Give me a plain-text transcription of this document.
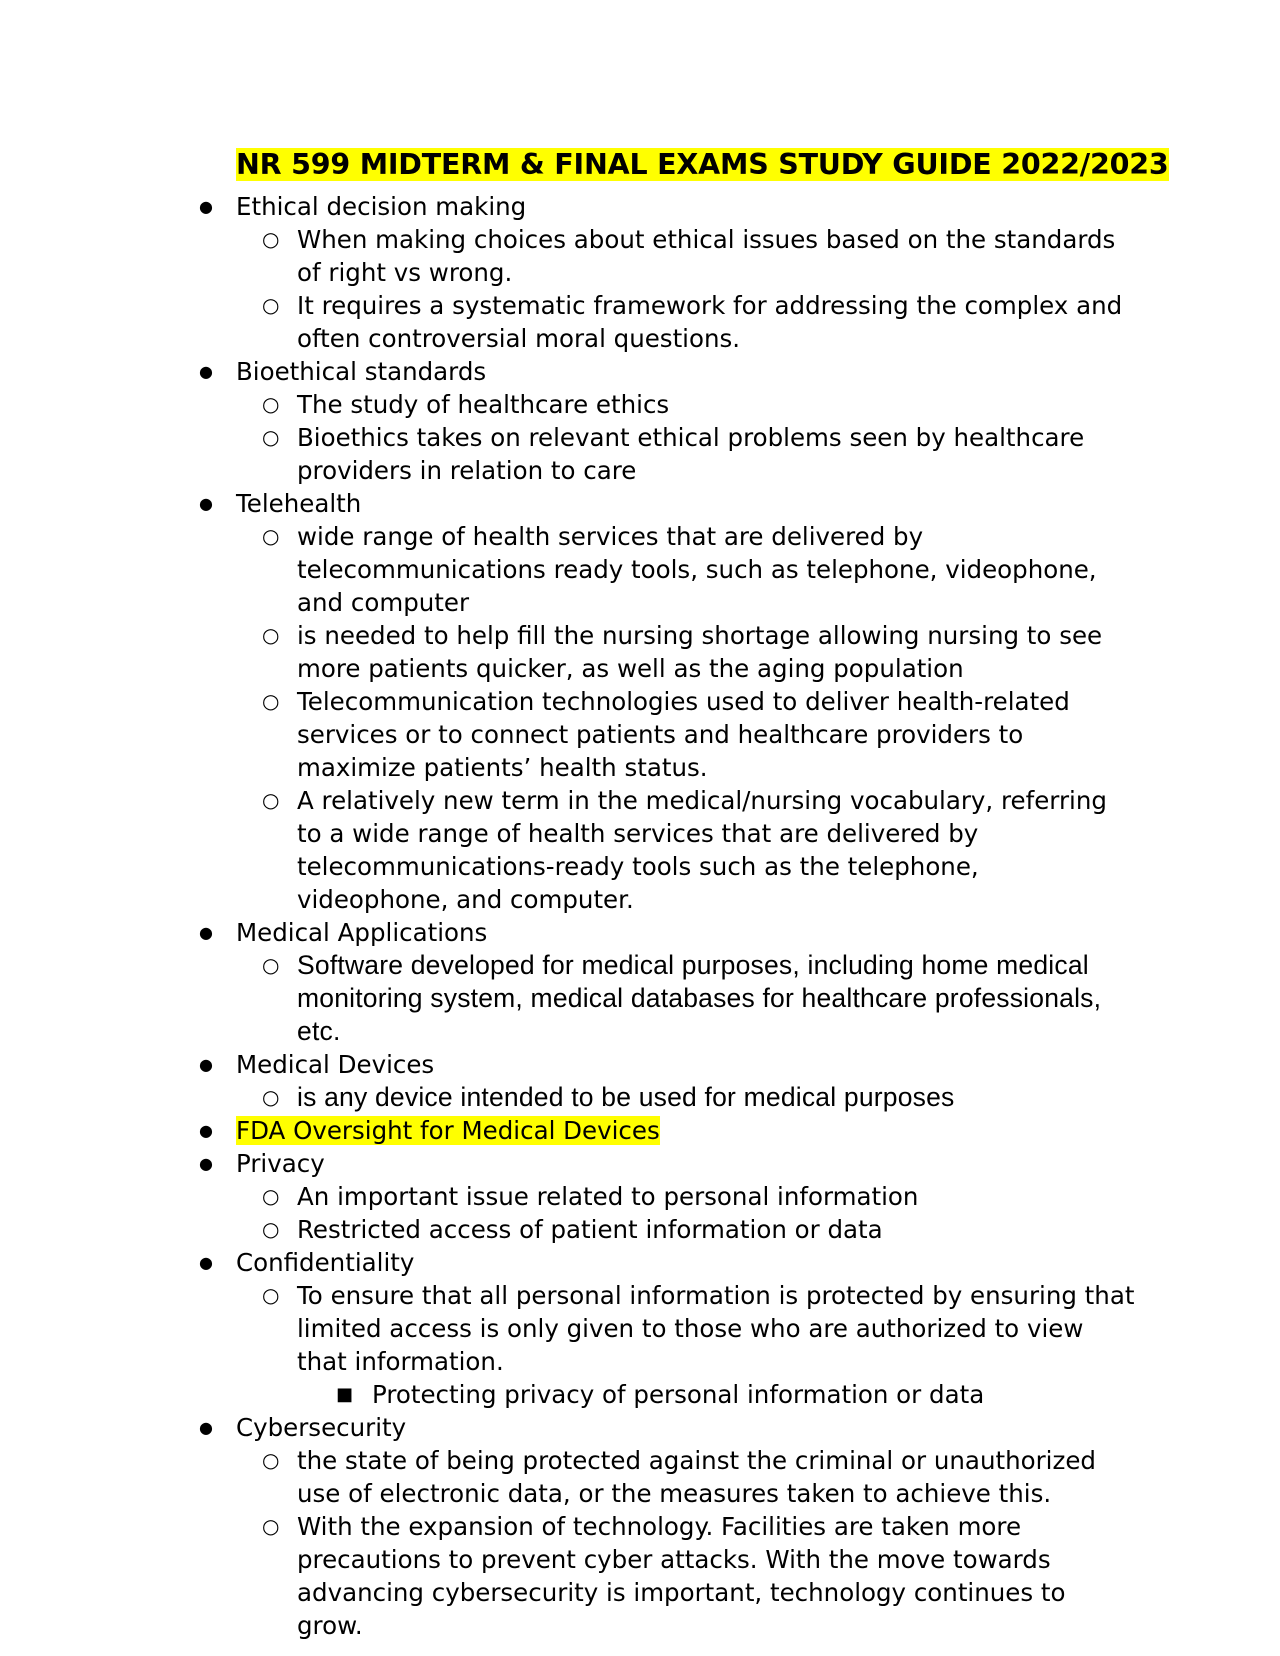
NR 599 MIDTERM & FINAL EXAMS STUDY GUIDE 2022/2023
● Ethical decision making
○ When making choices about ethical issues based on the standards of right vs wrong.
○ It requires a systematic framework for addressing the complex and often controversial moral questions.
● Bioethical standards
○ The study of healthcare ethics
○ Bioethics takes on relevant ethical problems seen by healthcare providers in relation to care
● Telehealth
○ wide range of health services that are delivered by telecommunications ready tools, such as telephone, videophone, and computer
○ is needed to help fill the nursing shortage allowing nursing to see more patients quicker, as well as the aging population
○ Telecommunication technologies used to deliver health-related services or to connect patients and healthcare providers to maximize patients’ health status.
○ A relatively new term in the medical/nursing vocabulary, referring to a wide range of health services that are delivered by telecommunications-ready tools such as the telephone, videophone, and computer.
● Medical Applications
○ Software developed for medical purposes, including home medical monitoring system, medical databases for healthcare professionals, etc.
● Medical Devices
○ is any device intended to be used for medical purposes
● FDA Oversight for Medical Devices
● Privacy
○ An important issue related to personal information
○ Restricted access of patient information or data
● Confidentiality
○ To ensure that all personal information is protected by ensuring that limited access is only given to those who are authorized to view that information.
■ Protecting privacy of personal information or data
● Cybersecurity
○ the state of being protected against the criminal or unauthorized use of electronic data, or the measures taken to achieve this.
○ With the expansion of technology. Facilities are taken more precautions to prevent cyber attacks. With the move towards advancing cybersecurity is important, technology continues to grow.
